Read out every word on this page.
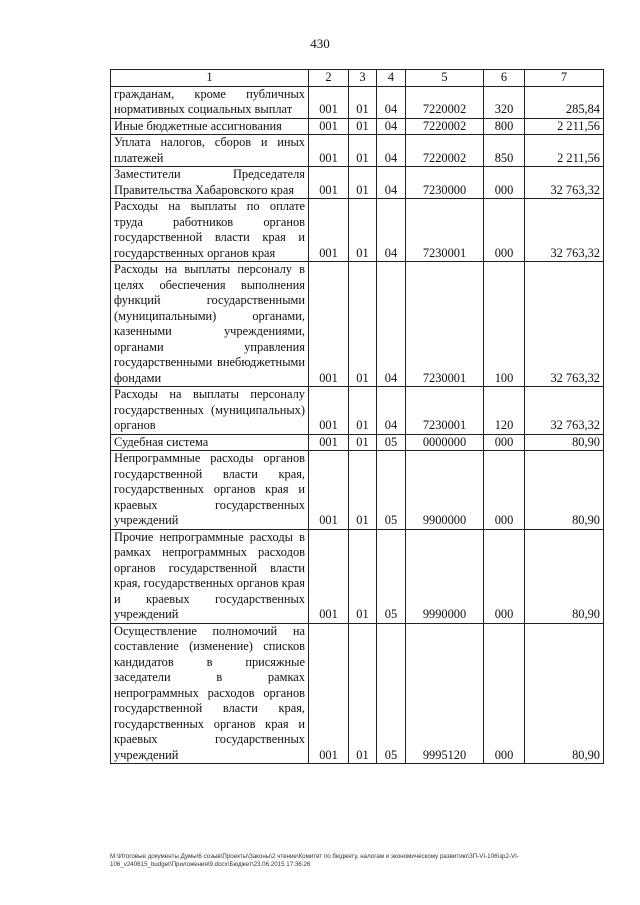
430
1	2	3	4	5	6	7
гражданам, кроме публичных нормативных социальных выплат	001	01	04	7220002	320	285,84
Иные бюджетные ассигнования	001	01	04	7220002	800	2 211,56
Уплата налогов, сборов и иных платежей	001	01	04	7220002	850	2 211,56
Заместители Председателя Правительства Хабаровского края	001	01	04	7230000	000	32 763,32
Расходы на выплаты по оплате труда работников органов государственной власти края и государственных органов края	001	01	04	7230001	000	32 763,32
Расходы на выплаты персоналу в целях обеспечения выполнения функций государственными (муниципальными) органами, казенными учреждениями, органами управления государственными внебюджетными фондами	001	01	04	7230001	100	32 763,32
Расходы на выплаты персоналу государственных (муниципальных) органов	001	01	04	7230001	120	32 763,32
Судебная система	001	01	05	0000000	000	80,90
Непрограммные расходы органов государственной власти края, государственных органов края и краевых государственных учреждений	001	01	05	9900000	000	80,90
Прочие непрограммные расходы в рамках непрограммных расходов органов государственной власти края, государственных органов края и краевых государственных учреждений	001	01	05	9990000	000	80,90
Осуществление полномочий на составление (изменение) списков кандидатов в присяжные заседатели в рамках непрограммных расходов органов государственной власти края, государственных органов края и краевых государственных учреждений	001	01	05	9995120	000	80,90
M:\Итоговые документы Думы\6 созыв\Проекты\Законы\2 чтение\Комитет по бюджету, налогам и экономическому развитию\ЗП-VI-106\зр2-VI-106_v240615_budget\Приложения\9.docx\Бюджет\23.06.2015 17:36:26
